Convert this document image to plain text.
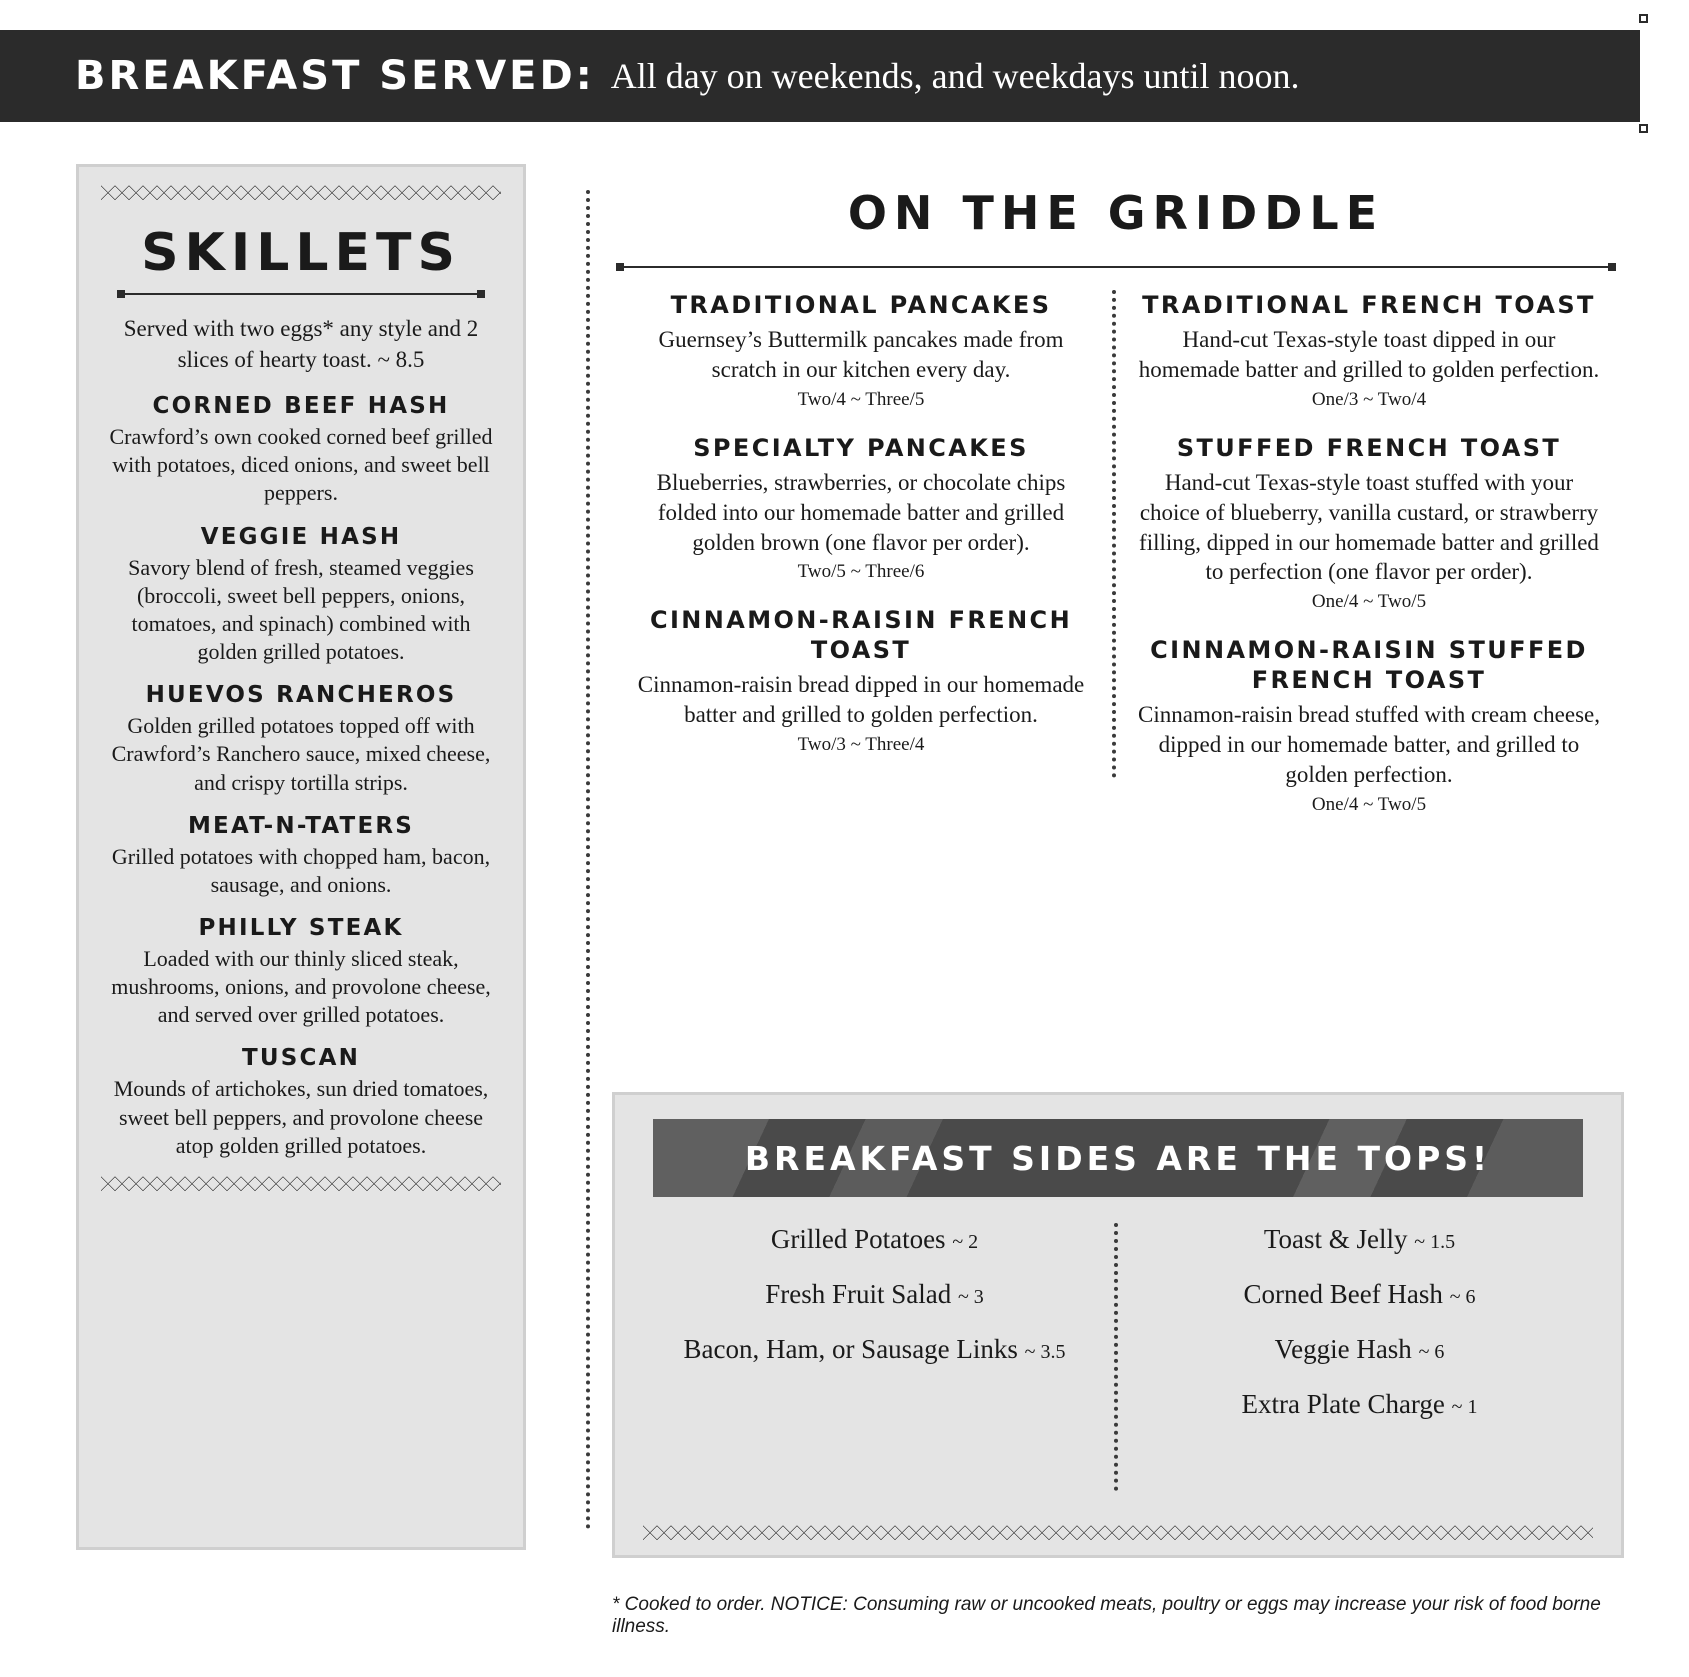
BREAKFAST SERVED: All day on weekends, and weekdays until noon.
SKILLETS
Served with two eggs* any style and 2 slices of hearty toast. ~ 8.5
CORNED BEEF HASH
Crawford’s own cooked corned beef grilled with potatoes, diced onions, and sweet bell peppers.
VEGGIE HASH
Savory blend of fresh, steamed veggies (broccoli, sweet bell peppers, onions, tomatoes, and spinach) combined with golden grilled potatoes.
HUEVOS RANCHEROS
Golden grilled potatoes topped off with Crawford’s Ranchero sauce, mixed cheese, and crispy tortilla strips.
MEAT-N-TATERS
Grilled potatoes with chopped ham, bacon, sausage, and onions.
PHILLY STEAK
Loaded with our thinly sliced steak, mushrooms, onions, and provolone cheese, and served over grilled potatoes.
TUSCAN
Mounds of artichokes, sun dried tomatoes, sweet bell peppers, and provolone cheese atop golden grilled potatoes.
ON THE GRIDDLE
TRADITIONAL PANCAKES
Guernsey’s Buttermilk pancakes made from scratch in our kitchen every day.
Two/4 ~ Three/5
SPECIALTY PANCAKES
Blueberries, strawberries, or chocolate chips folded into our homemade batter and grilled golden brown (one flavor per order).
Two/5 ~ Three/6
CINNAMON-RAISIN FRENCH TOAST
Cinnamon-raisin bread dipped in our homemade batter and grilled to golden perfection.
Two/3 ~ Three/4
TRADITIONAL FRENCH TOAST
Hand-cut Texas-style toast dipped in our homemade batter and grilled to golden perfection.
One/3 ~ Two/4
STUFFED FRENCH TOAST
Hand-cut Texas-style toast stuffed with your choice of blueberry, vanilla custard, or strawberry filling, dipped in our homemade batter and grilled to perfection (one flavor per order).
One/4 ~ Two/5
CINNAMON-RAISIN STUFFED FRENCH TOAST
Cinnamon-raisin bread stuffed with cream cheese, dipped in our homemade batter, and grilled to golden perfection.
One/4 ~ Two/5
BREAKFAST SIDES ARE THE TOPS!
Grilled Potatoes ~ 2
Fresh Fruit Salad ~ 3
Bacon, Ham, or Sausage Links ~ 3.5
Toast & Jelly ~ 1.5
Corned Beef Hash ~ 6
Veggie Hash ~ 6
Extra Plate Charge ~ 1
* Cooked to order. NOTICE: Consuming raw or uncooked meats, poultry or eggs may increase your risk of food borne illness.
